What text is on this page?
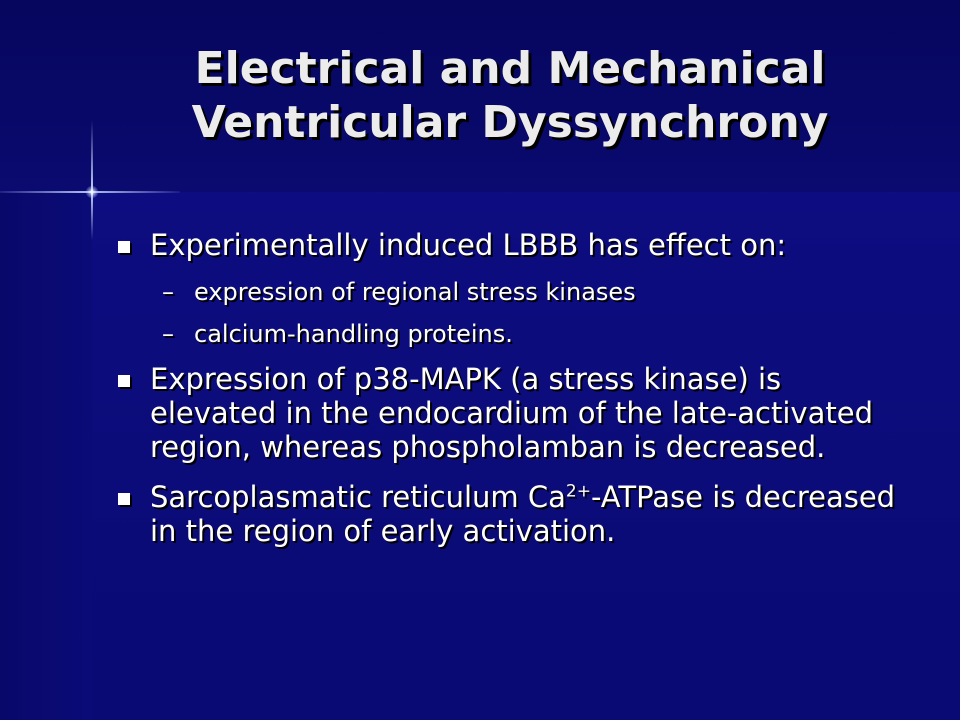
Electrical and Mechanical
Ventricular Dyssynchrony
Experimentally induced LBBB has effect on:
– expression of regional stress kinases
– calcium-handling proteins.
Expression of p38-MAPK (a stress kinase) is elevated in the endocardium of the late-activated region, whereas phospholamban is decreased.
Sarcoplasmatic reticulum $Ca^{2+}$-ATPase is decreased in the region of early activation.
